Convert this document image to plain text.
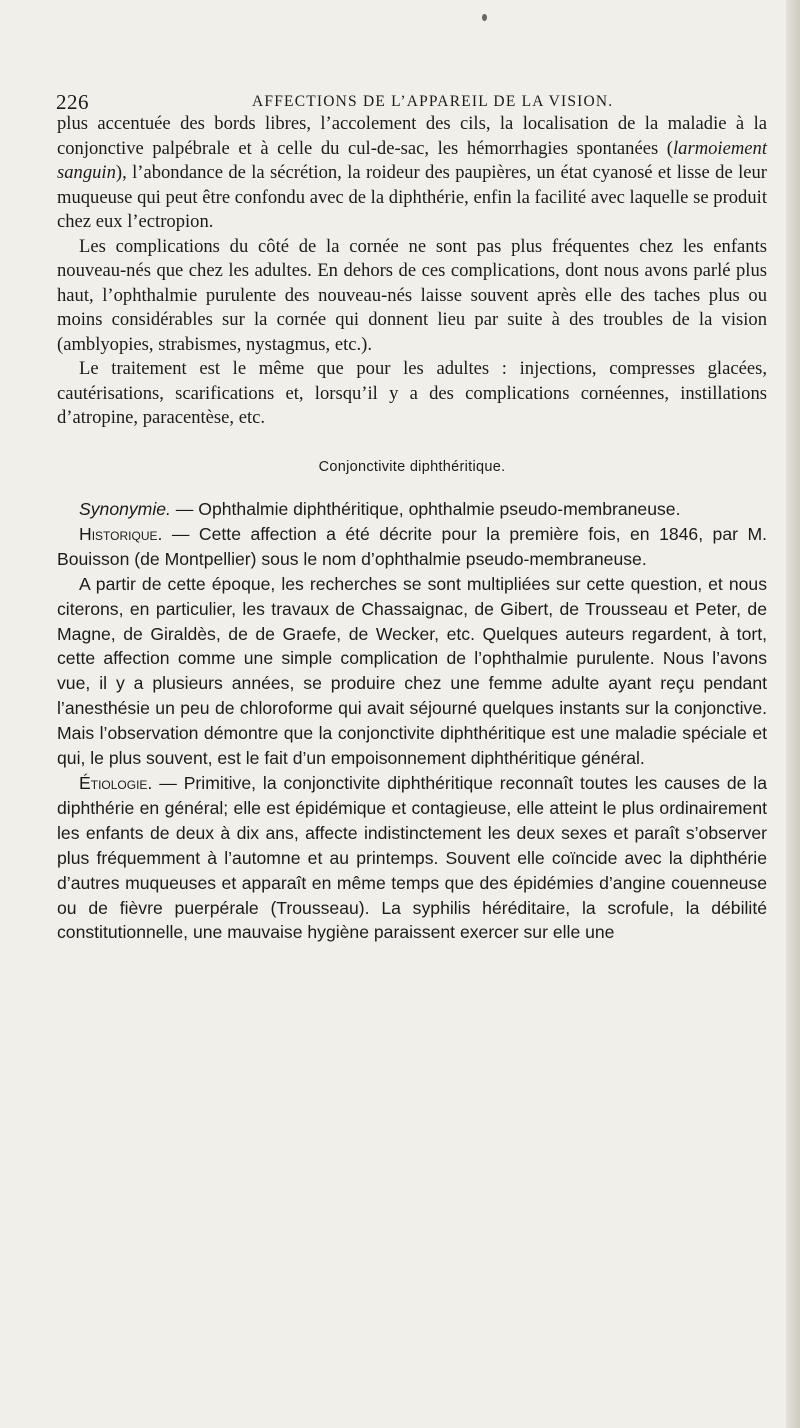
226	AFFECTIONS DE L’APPAREIL DE LA VISION.

plus accentuée des bords libres, l’accolement des cils, la localisation de la maladie à la conjonctive palpébrale et à celle du cul-de-sac, les hémorrhagies spontanées (larmoiement sanguin), l’abondance de la sécrétion, la roideur des paupières, un état cyanosé et lisse de leur muqueuse qui peut être confondu avec de la diphthérie, enfin la facilité avec laquelle se produit chez eux l’ectropion.

Les complications du côté de la cornée ne sont pas plus fréquentes chez les enfants nouveau-nés que chez les adultes. En dehors de ces complications, dont nous avons parlé plus haut, l’ophthalmie purulente des nouveau-nés laisse souvent après elle des taches plus ou moins considérables sur la cornée qui donnent lieu par suite à des troubles de la vision (amblyopies, strabismes, nystagmus, etc.).

Le traitement est le même que pour les adultes : injections, compresses glacées, cautérisations, scarifications et, lorsqu’il y a des complications cornéennes, instillations d’atropine, paracentèse, etc.

Conjonctivite diphthéritique.

Synonymie. — Ophthalmie diphthéritique, ophthalmie pseudo-membraneuse.

Historique. — Cette affection a été décrite pour la première fois, en 1846, par M. Bouisson (de Montpellier) sous le nom d’ophthalmie pseudo-membraneuse.

A partir de cette époque, les recherches se sont multipliées sur cette question, et nous citerons, en particulier, les travaux de Chassaignac, de Gibert, de Trousseau et Peter, de Magne, de Giraldès, de de Graefe, de Wecker, etc. Quelques auteurs regardent, à tort, cette affection comme une simple complication de l’ophthalmie purulente. Nous l’avons vue, il y a plusieurs années, se produire chez une femme adulte ayant reçu pendant l’anesthésie un peu de chloroforme qui avait séjourné quelques instants sur la conjonctive. Mais l’observation démontre que la conjonctivite diphthéritique est une maladie spéciale et qui, le plus souvent, est le fait d’un empoisonnement diphthéritique général.

Étiologie. — Primitive, la conjonctivite diphthéritique reconnaît toutes les causes de la diphthérie en général; elle est épidémique et contagieuse, elle atteint le plus ordinairement les enfants de deux à dix ans, affecte indistinctement les deux sexes et paraît s’observer plus fréquemment à l’automne et au printemps. Souvent elle coïncide avec la diphthérie d’autres muqueuses et apparaît en même temps que des épidémies d’angine couenneuse ou de fièvre puerpérale (Trousseau). La syphilis héréditaire, la scrofule, la débilité constitutionnelle, une mauvaise hygiène paraissent exercer sur elle une
